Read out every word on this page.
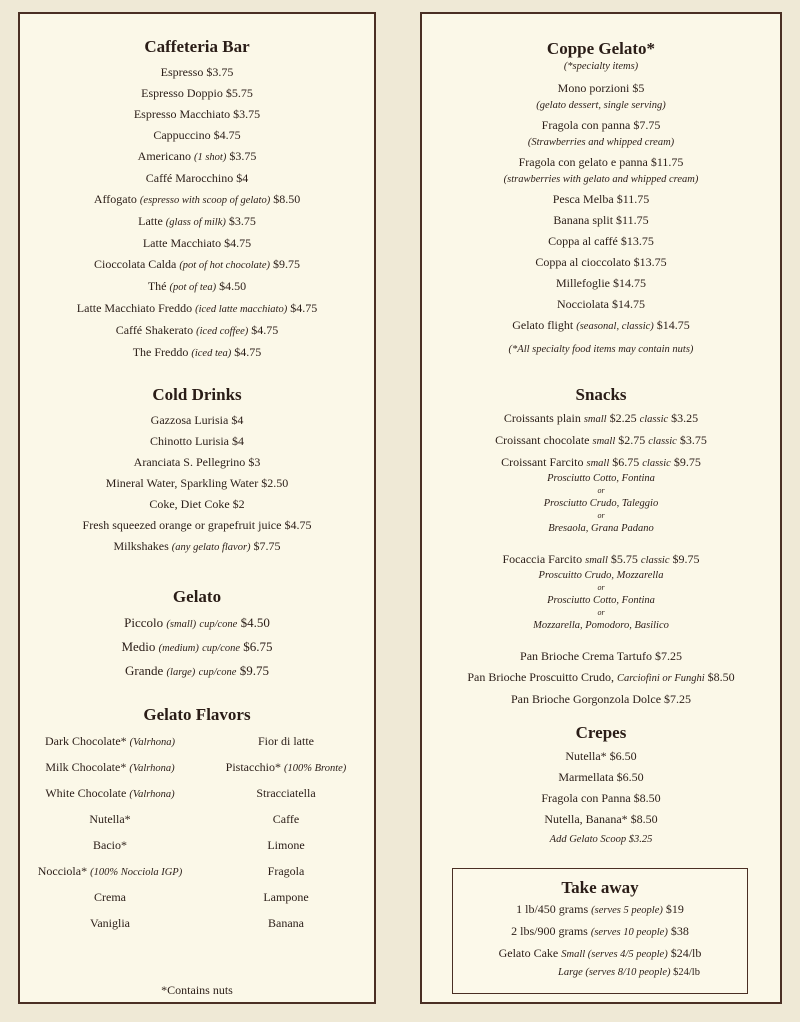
Caffeteria Bar
Espresso $3.75
Espresso Doppio $5.75
Espresso Macchiato $3.75
Cappuccino $4.75
Americano (1 shot) $3.75
Caffé Marocchino $4
Affogato (espresso with scoop of gelato) $8.50
Latte (glass of milk) $3.75
Latte Macchiato $4.75
Cioccolata Calda (pot of hot chocolate) $9.75
Thé (pot of tea) $4.50
Latte Macchiato Freddo (iced latte macchiato) $4.75
Caffé Shakerato (iced coffee) $4.75
The Freddo (iced tea) $4.75
Cold Drinks
Gazzosa Lurisia $4
Chinotto Lurisia $4
Aranciata S. Pellegrino $3
Mineral Water, Sparkling Water $2.50
Coke, Diet Coke $2
Fresh squeezed orange or grapefruit juice $4.75
Milkshakes (any gelato flavor) $7.75
Gelato
Piccolo (small) cup/cone $4.50
Medio (medium) cup/cone $6.75
Grande (large) cup/cone $9.75
Gelato Flavors
Dark Chocolate* (Valrhona)	Fior di latte
Milk Chocolate* (Valrhona)	Pistacchio* (100% Bronte)
White Chocolate (Valrhona)	Stracciatella
Nutella*	Caffe
Bacio*	Limone
Nocciola* (100% Nocciola IGP)	Fragola
Crema	Lampone
Vaniglia	Banana
*Contains nuts
Coppe Gelato*
(*specialty items)
Mono porzioni $5
(gelato dessert, single serving)
Fragola con panna $7.75
(Strawberries and whipped cream)
Fragola con gelato e panna $11.75
(strawberries with gelato and whipped cream)
Pesca Melba $11.75
Banana split $11.75
Coppa al caffé $13.75
Coppa al cioccolato $13.75
Millefoglie $14.75
Nocciolata $14.75
Gelato flight (seasonal, classic) $14.75
(*All specialty food items may contain nuts)
Snacks
Croissants plain small $2.25 classic $3.25
Croissant chocolate small $2.75 classic $3.75
Croissant Farcito small $6.75 classic $9.75
Prosciutto Cotto, Fontina
or
Prosciutto Crudo, Taleggio
or
Bresaola, Grana Padano
Focaccia Farcito small $5.75 classic $9.75
Proscuitto Crudo, Mozzarella
or
Prosciutto Cotto, Fontina
or
Mozzarella, Pomodoro, Basilico
Pan Brioche Crema Tartufo $7.25
Pan Brioche Proscuitto Crudo, Carciofini or Funghi $8.50
Pan Brioche Gorgonzola Dolce $7.25
Crepes
Nutella* $6.50
Marmellata $6.50
Fragola con Panna $8.50
Nutella, Banana* $8.50
Add Gelato Scoop $3.25
Take away
1 lb/450 grams (serves 5 people) $19
2 lbs/900 grams (serves 10 people) $38
Gelato Cake Small (serves 4/5 people) $24/lb
Large (serves 8/10 people) $24/lb
